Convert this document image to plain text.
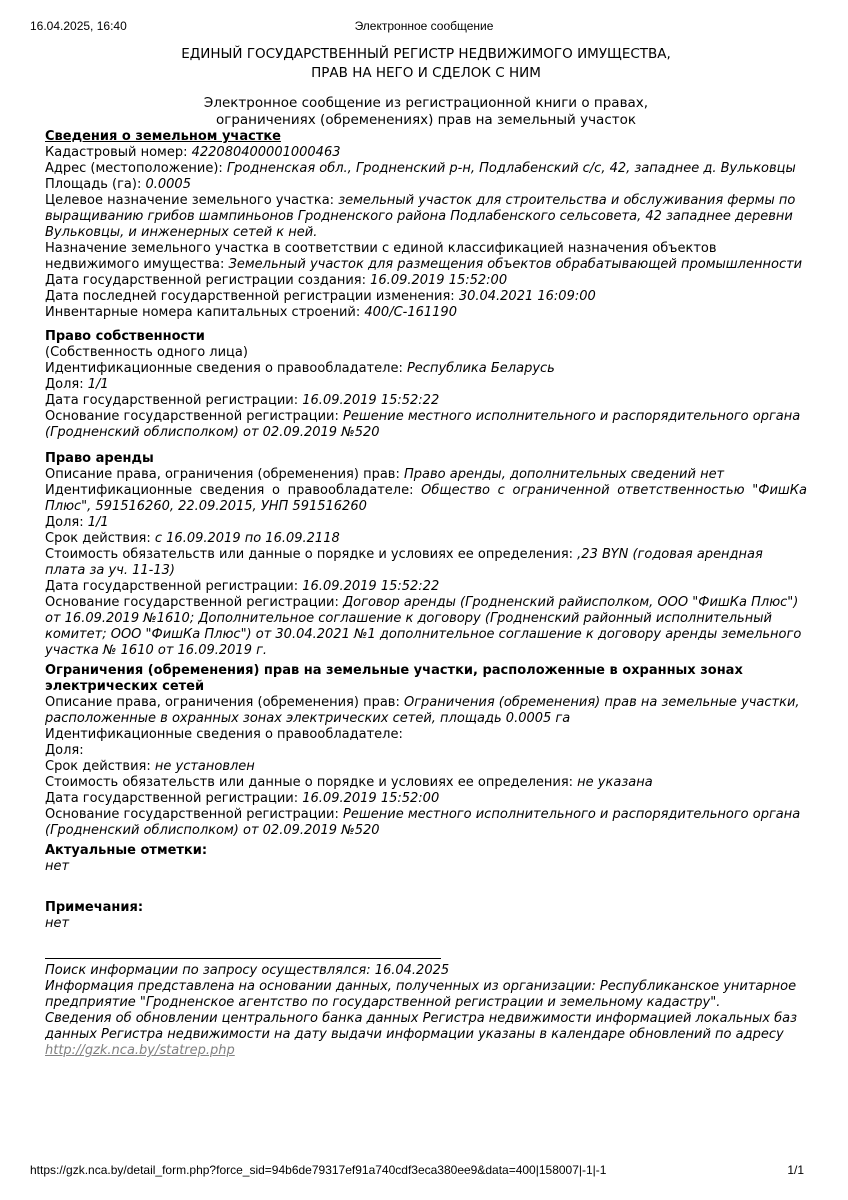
16.04.2025, 16:40	Электронное сообщение
ЕДИНЫЙ ГОСУДАРСТВЕННЫЙ РЕГИСТР НЕДВИЖИМОГО ИМУЩЕСТВА,
ПРАВ НА НЕГО И СДЕЛОК С НИМ
Электронное сообщение из регистрационной книги о правах,
ограничениях (обременениях) прав на земельный участок

Сведения о земельном участке

Кадастровый номер: 422080400001000463

Адрес (местоположение): Гродненская обл., Гродненский р-н, Подлабенский с/с, 42, западнее д. Вульковцы

Площадь (га): 0.0005

Целевое назначение земельного участка: земельный участок для строительства и обслуживания фермы по выращиванию грибов шампиньонов Гродненского района Подлабенского сельсовета, 42 западнее деревни Вульковцы, и инженерных сетей к ней.

Назначение земельного участка в соответствии с единой классификацией назначения объектов недвижимого имущества: Земельный участок для размещения объектов обрабатывающей промышленности

Дата государственной регистрации создания: 16.09.2019 15:52:00

Дата последней государственной регистрации изменения: 30.04.2021 16:09:00

Инвентарные номера капитальных строений: 400/С-161190

Право собственности

(Собственность одного лица)

Идентификационные сведения о правообладателе: Республика Беларусь

Доля: 1/1

Дата государственной регистрации: 16.09.2019 15:52:22

Основание государственной регистрации: Решение местного исполнительного и распорядительного органа (Гродненский облисполком) от 02.09.2019 №520

Право аренды

Описание права, ограничения (обременения) прав: Право аренды, дополнительных сведений нет

Идентификационные сведения о правообладателе: Общество с ограниченной ответственностью "ФишКа Плюс", 591516260, 22.09.2015, УНП 591516260

Доля: 1/1

Срок действия: с 16.09.2019 по 16.09.2118

Стоимость обязательств или данные о порядке и условиях ее определения: ,23 BYN (годовая арендная плата за уч. 11-13)

Дата государственной регистрации: 16.09.2019 15:52:22

Основание государственной регистрации: Договор аренды (Гродненский райисполком, ООО "ФишКа Плюс") от 16.09.2019 №1610; Дополнительное соглашение к договору (Гродненский районный исполнительный комитет; ООО "ФишКа Плюс") от 30.04.2021 №1 дополнительное соглашение к договору аренды земельного участка № 1610 от 16.09.2019 г.

Ограничения (обременения) прав на земельные участки, расположенные в охранных зонах электрических сетей

Описание права, ограничения (обременения) прав: Ограничения (обременения) прав на земельные участки, расположенные в охранных зонах электрических сетей, площадь 0.0005 га

Идентификационные сведения о правообладателе:

Доля:

Срок действия: не установлен

Стоимость обязательств или данные о порядке и условиях ее определения: не указана

Дата государственной регистрации: 16.09.2019 15:52:00

Основание государственной регистрации: Решение местного исполнительного и распорядительного органа (Гродненский облисполком) от 02.09.2019 №520

Актуальные отметки:

нет

Примечания:

нет

Поиск информации по запросу осуществлялся: 16.04.2025

Информация представлена на основании данных, полученных из организации: Республиканское унитарное предприятие "Гродненское агентство по государственной регистрации и земельному кадастру".

Сведения об обновлении центрального банка данных Регистра недвижимости информацией локальных баз данных Регистра недвижимости на дату выдачи информации указаны в календаре обновлений по адресу

http://gzk.nca.by/statrep.php

https://gzk.nca.by/detail_form.php?force_sid=94b6de79317ef91a740cdf3eca380ee9&data=400|158007|-1|-1	1/1
